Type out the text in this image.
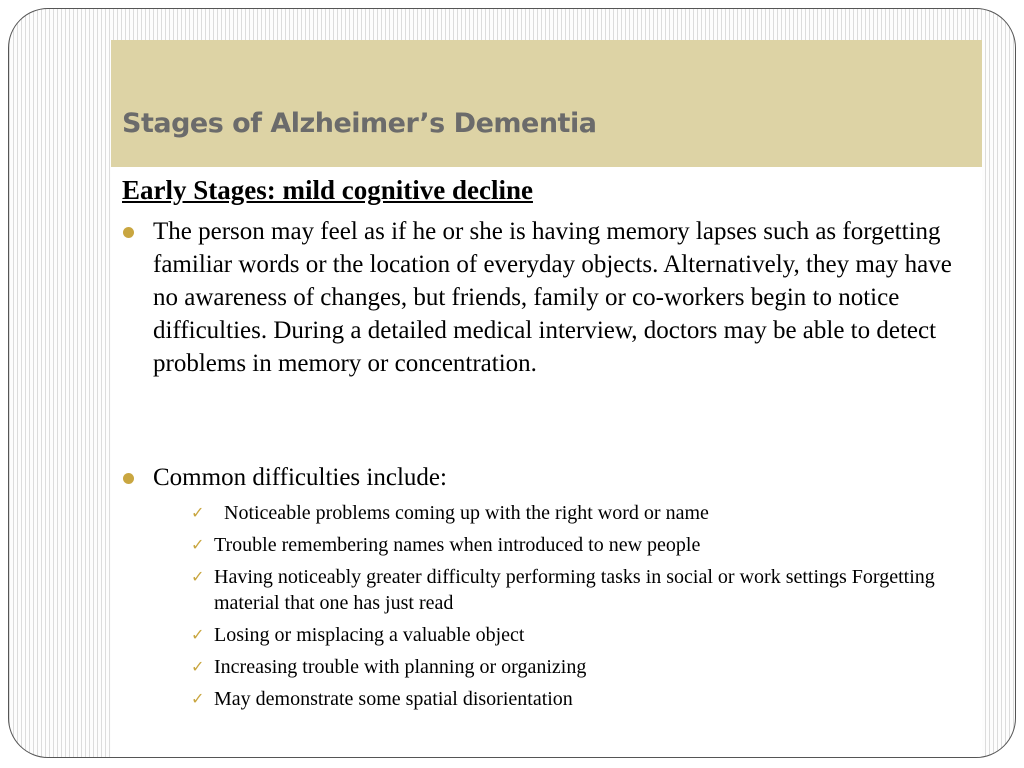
Stages of Alzheimer’s Dementia
Early Stages: mild cognitive decline
The person may feel as if he or she is having memory lapses such as forgetting familiar words or the location of everyday objects. Alternatively, they may have no awareness of changes, but friends, family or co-workers begin to notice difficulties. During a detailed medical interview, doctors may be able to detect problems in memory or concentration.
Common difficulties include:
✓ Noticeable problems coming up with the right word or name
✓ Trouble remembering names when introduced to new people
✓ Having noticeably greater difficulty performing tasks in social or work settings Forgetting material that one has just read
✓ Losing or misplacing a valuable object
✓ Increasing trouble with planning or organizing
✓ May demonstrate some spatial disorientation
